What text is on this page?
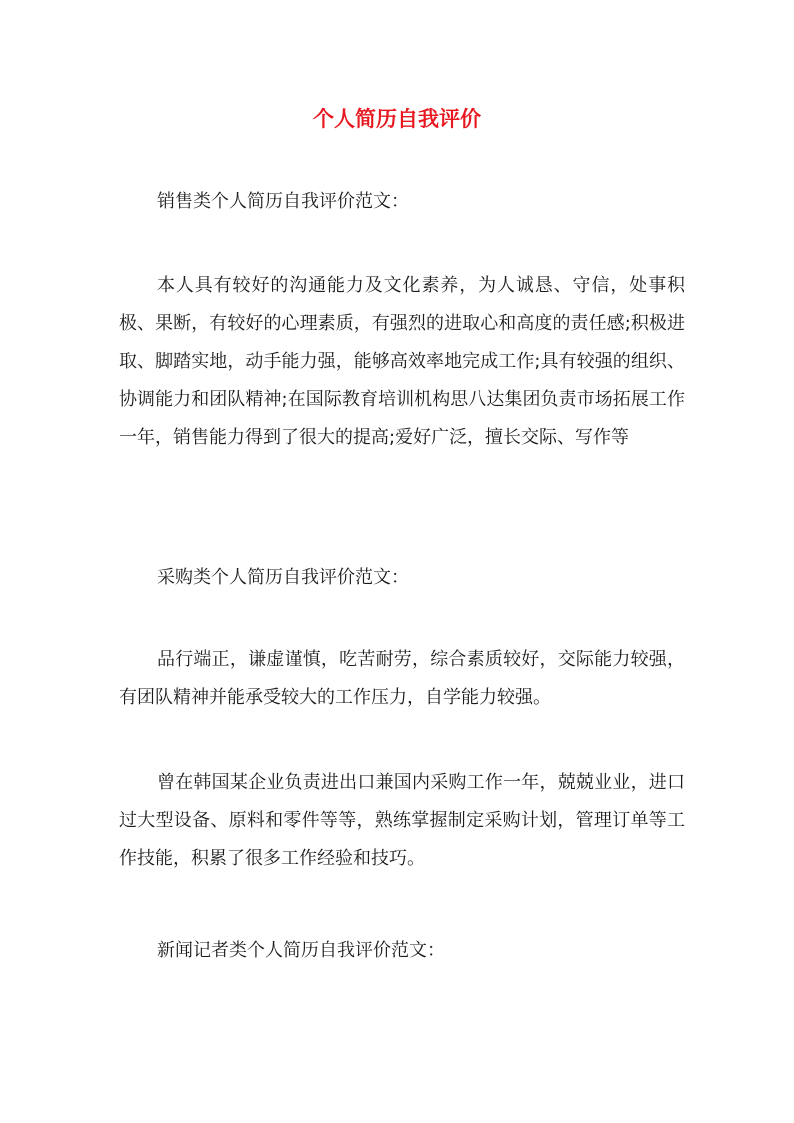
个人简历自我评价

销售类个人简历自我评价范文：

本人具有较好的沟通能力及文化素养，为人诚恳、守信，处事积极、果断，有较好的心理素质，有强烈的进取心和高度的责任感;积极进取、脚踏实地，动手能力强，能够高效率地完成工作;具有较强的组织、协调能力和团队精神;在国际教育培训机构思八达集团负责市场拓展工作一年，销售能力得到了很大的提高;爱好广泛，擅长交际、写作等

采购类个人简历自我评价范文：

品行端正，谦虚谨慎，吃苦耐劳，综合素质较好，交际能力较强，有团队精神并能承受较大的工作压力，自学能力较强。

曾在韩国某企业负责进出口兼国内采购工作一年，兢兢业业，进口过大型设备、原料和零件等等，熟练掌握制定采购计划，管理订单等工作技能，积累了很多工作经验和技巧。

新闻记者类个人简历自我评价范文：
